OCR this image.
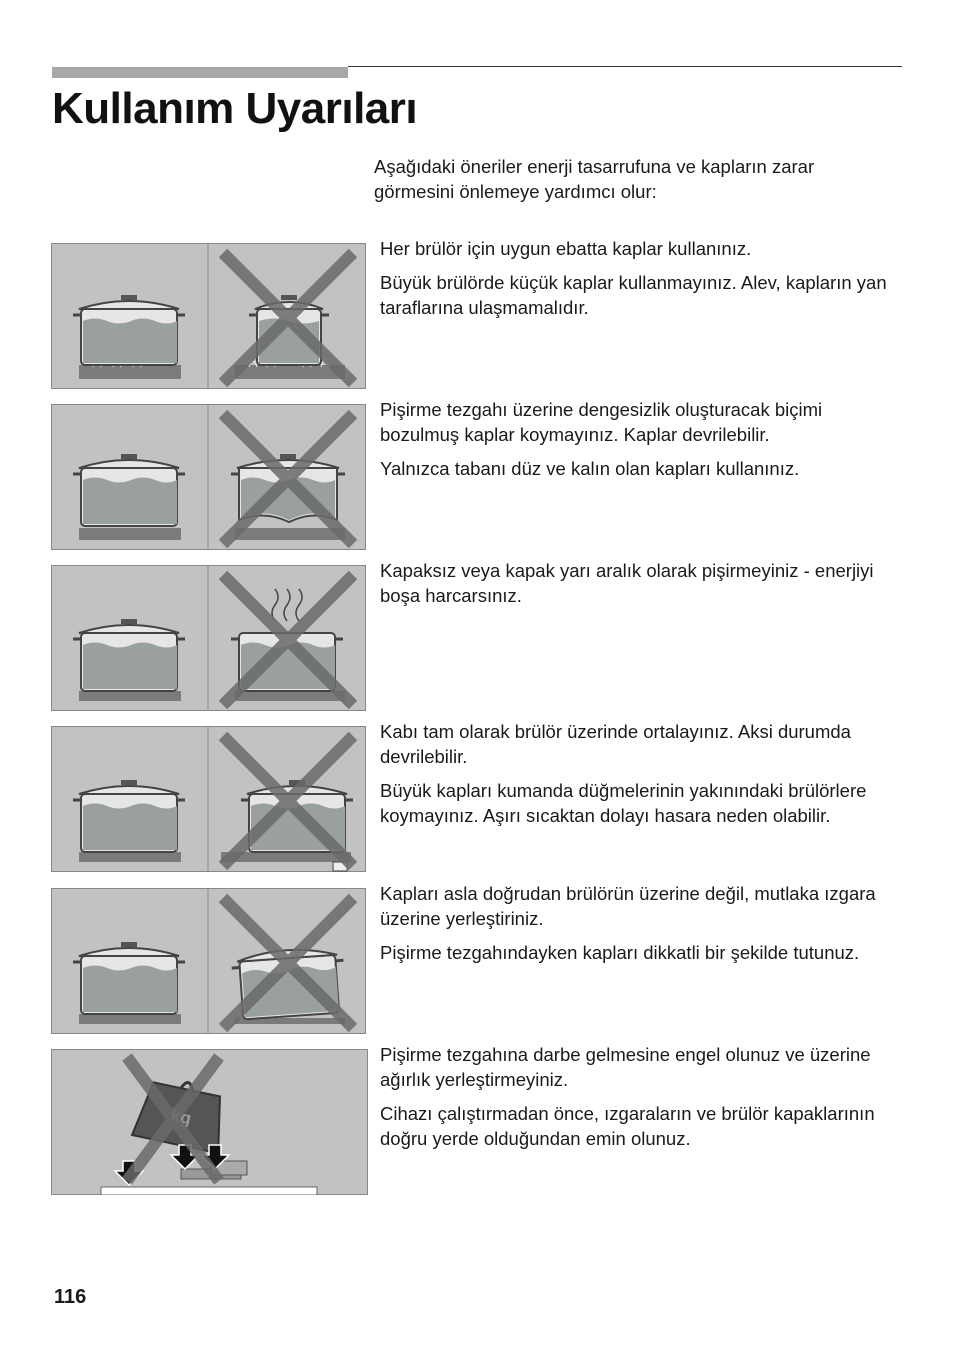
Kullanım Uyarıları

Aşağıdaki öneriler enerji tasarrufuna ve kapların zarar görmesini önlemeye yardımcı olur:

Her brülör için uygun ebatta kaplar kullanınız.

Büyük brülörde küçük kaplar kullanmayınız. Alev, kapların yan taraflarına ulaşmamalıdır.

Pişirme tezgahı üzerine dengesizlik oluşturacak biçimi bozulmuş kaplar koymayınız. Kaplar devrilebilir.

Yalnızca tabanı düz ve kalın olan kapları kullanınız.

Kapaksız veya kapak yarı aralık olarak pişirmeyiniz - enerjiyi boşa harcarsınız.

Kabı tam olarak brülör üzerinde ortalayınız. Aksi durumda devrilebilir.

Büyük kapları kumanda düğmelerinin yakınındaki brülörlere koymayınız. Aşırı sıcaktan dolayı hasara neden olabilir.

Kapları asla doğrudan brülörün üzerine değil, mutlaka ızgara üzerine yerleştiriniz.

Pişirme tezgahındayken kapları dikkatli bir şekilde tutunuz.

Pişirme tezgahına darbe gelmesine engel olunuz ve üzerine ağırlık yerleştirmeyiniz.

Cihazı çalıştırmadan önce, ızgaraların ve brülör kapaklarının doğru yerde olduğundan emin olunuz.

116
